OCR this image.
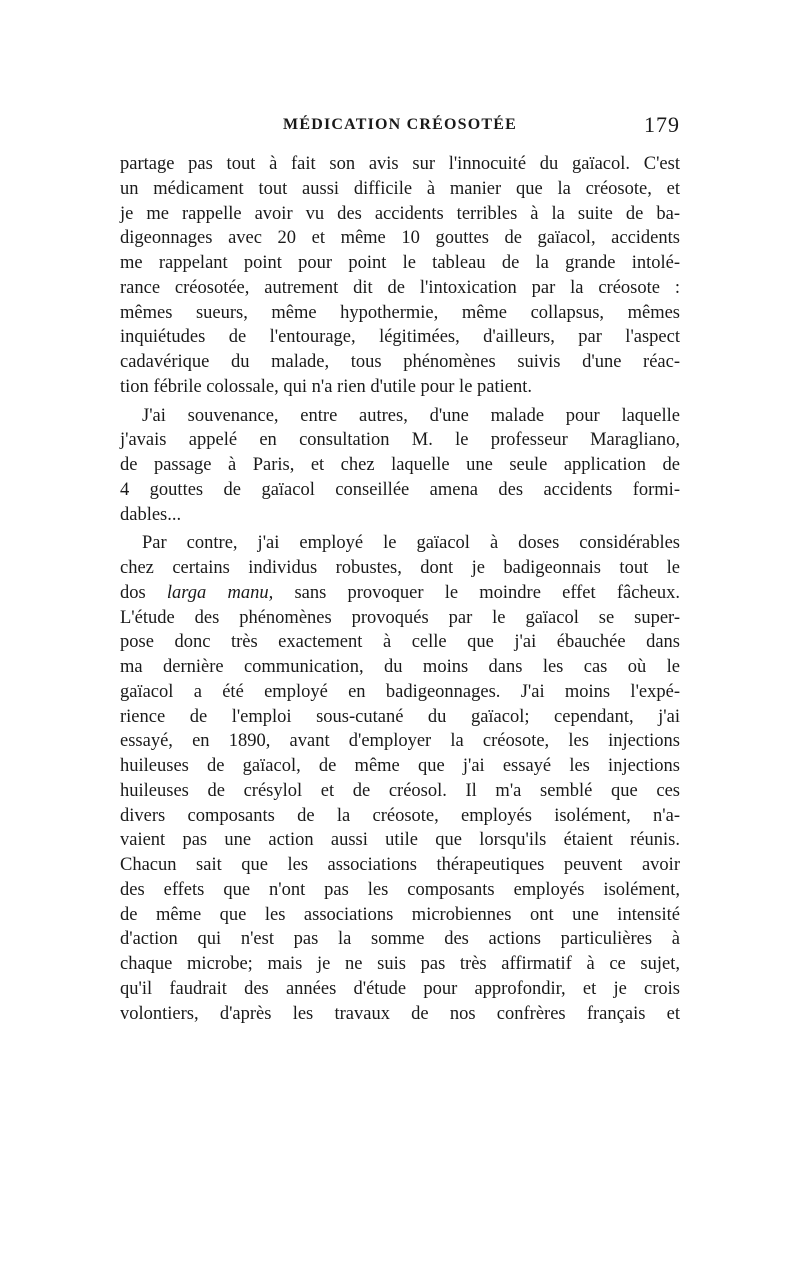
MÉDICATION CRÉOSOTÉE	179
partage pas tout à fait son avis sur l'innocuité du gaïacol. C'est
un médicament tout aussi difficile à manier que la créosote, et
je me rappelle avoir vu des accidents terribles à la suite de ba-
digeonnages avec 20 et même 10 gouttes de gaïacol, accidents
me rappelant point pour point le tableau de la grande intolé-
rance créosotée, autrement dit de l'intoxication par la créosote :
mêmes sueurs, même hypothermie, même collapsus, mêmes
inquiétudes de l'entourage, légitimées, d'ailleurs, par l'aspect
cadavérique du malade, tous phénomènes suivis d'une réac-
tion fébrile colossale, qui n'a rien d'utile pour le patient.
J'ai souvenance, entre autres, d'une malade pour laquelle
j'avais appelé en consultation M. le professeur Maragliano,
de passage à Paris, et chez laquelle une seule application de
4 gouttes de gaïacol conseillée amena des accidents formi-
dables...
Par contre, j'ai employé le gaïacol à doses considérables
chez certains individus robustes, dont je badigeonnais tout le
dos larga manu, sans provoquer le moindre effet fâcheux.
L'étude des phénomènes provoqués par le gaïacol se super-
pose donc très exactement à celle que j'ai ébauchée dans
ma dernière communication, du moins dans les cas où le
gaïacol a été employé en badigeonnages. J'ai moins l'expé-
rience de l'emploi sous-cutané du gaïacol; cependant, j'ai
essayé, en 1890, avant d'employer la créosote, les injections
huileuses de gaïacol, de même que j'ai essayé les injections
huileuses de crésylol et de créosol. Il m'a semblé que ces
divers composants de la créosote, employés isolément, n'a-
vaient pas une action aussi utile que lorsqu'ils étaient réunis.
Chacun sait que les associations thérapeutiques peuvent avoir
des effets que n'ont pas les composants employés isolément,
de même que les associations microbiennes ont une intensité
d'action qui n'est pas la somme des actions particulières à
chaque microbe; mais je ne suis pas très affirmatif à ce sujet,
qu'il faudrait des années d'étude pour approfondir, et je crois
volontiers, d'après les travaux de nos confrères français et
